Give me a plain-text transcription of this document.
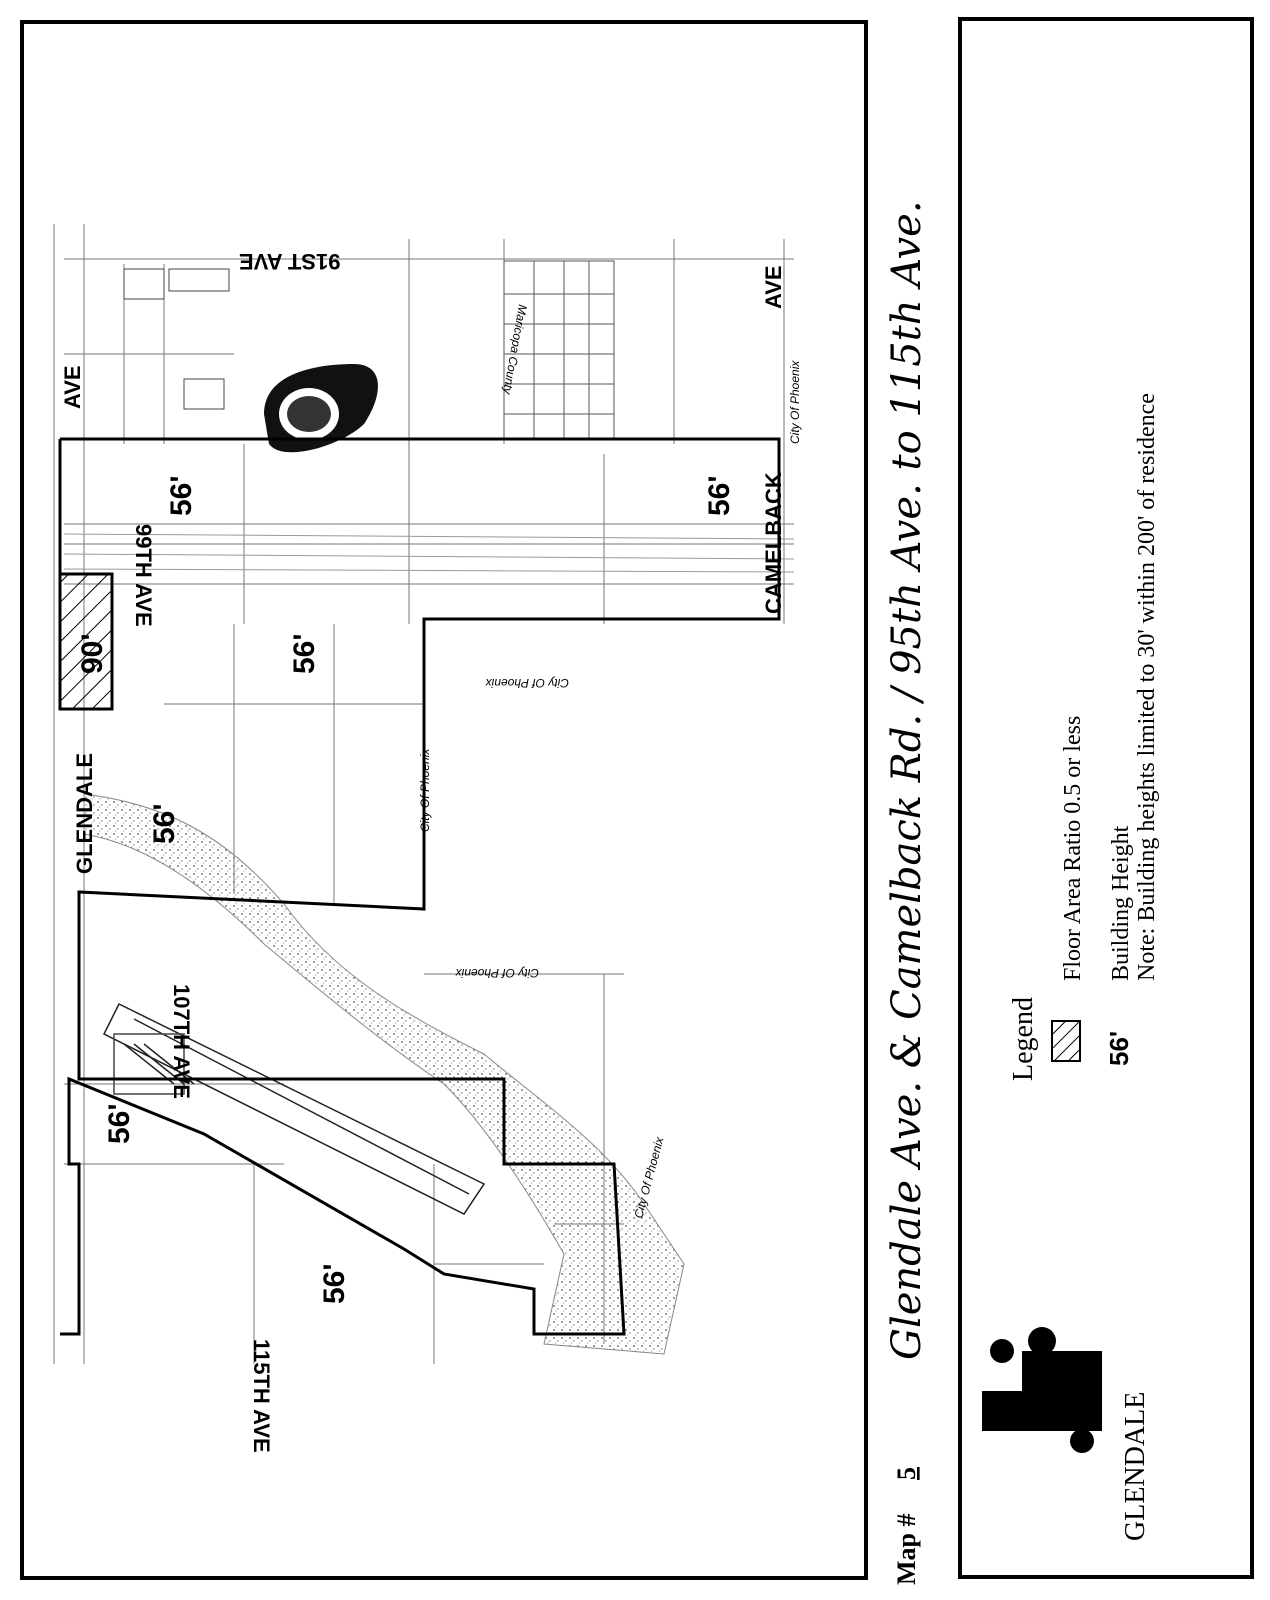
91ST AVE
AVE
99TH AVE
GLENDALE
107TH AVE
115TH AVE
CAMELBACK
AVE
56'	56'
56'
56'
56'
56'
90'
City Of Phoenix
City Of Phoenix
City Of Phoenix
City Of Phoenix
City Of Phoenix
Maricopa County
Map #
5
Glendale Ave. & Camelback Rd. / 95th Ave. to 115th Ave.
GLENDALE
Legend
Floor Area Ratio 0.5 or less
56'
Building Height Note: Building heights limited to 30' within 200' of residence
